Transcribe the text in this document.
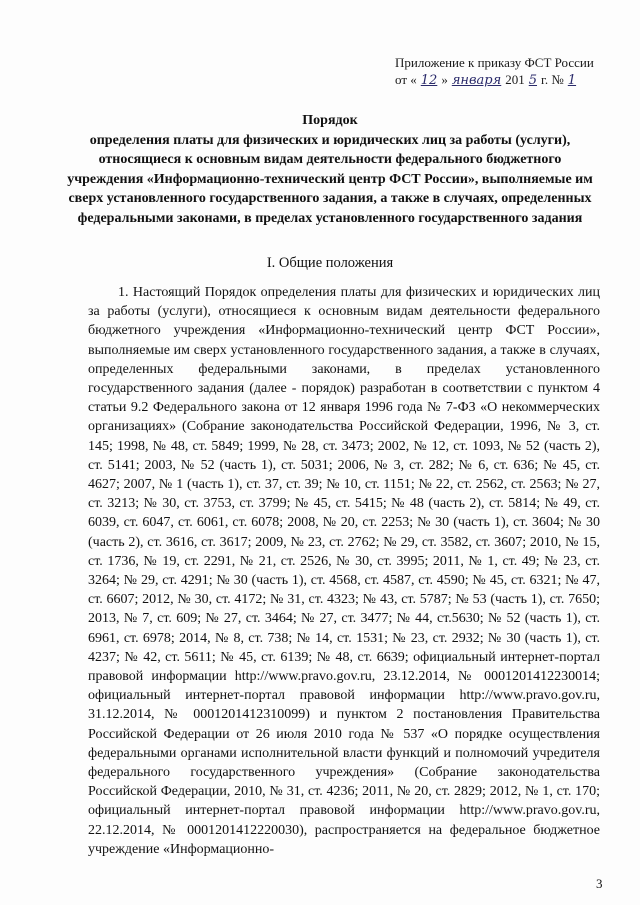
Приложение к приказу ФСТ России
от « 12 » января 201 5 г. № 1
Порядок
определения платы для физических и юридических лиц за работы (услуги), относящиеся к основным видам деятельности федерального бюджетного учреждения «Информационно-технический центр ФСТ России», выполняемые им сверх установленного государственного задания, а также в случаях, определенных федеральными законами, в пределах установленного государственного задания
I. Общие положения

1. Настоящий Порядок определения платы для физических и юридических лиц за работы (услуги), относящиеся к основным видам деятельности федерального бюджетного учреждения «Информационно-технический центр ФСТ России», выполняемые им сверх установленного государственного задания, а также в случаях, определенных федеральными законами, в пределах установленного государственного задания (далее - порядок) разработан в соответствии с пунктом 4 статьи 9.2 Федерального закона от 12 января 1996 года № 7-ФЗ «О некоммерческих организациях» (Собрание законодательства Российской Федерации, 1996, № 3, ст. 145; 1998, № 48, ст. 5849; 1999, № 28, ст. 3473; 2002, № 12, ст. 1093, № 52 (часть 2), ст. 5141; 2003, № 52 (часть 1), ст. 5031; 2006, № 3, ст. 282; № 6, ст. 636; № 45, ст. 4627; 2007, № 1 (часть 1), ст. 37, ст. 39; № 10, ст. 1151; № 22, ст. 2562, ст. 2563; № 27, ст. 3213; № 30, ст. 3753, ст. 3799; № 45, ст. 5415; № 48 (часть 2), ст. 5814; № 49, ст. 6039, ст. 6047, ст. 6061, ст. 6078; 2008, № 20, ст. 2253; № 30 (часть 1), ст. 3604; № 30 (часть 2), ст. 3616, ст. 3617; 2009, № 23, ст. 2762; № 29, ст. 3582, ст. 3607; 2010, № 15, ст. 1736, № 19, ст. 2291, № 21, ст. 2526, № 30, ст. 3995; 2011, № 1, ст. 49; № 23, ст. 3264; № 29, ст. 4291; № 30 (часть 1), ст. 4568, ст. 4587, ст. 4590; № 45, ст. 6321; № 47, ст. 6607; 2012, № 30, ст. 4172; № 31, ст. 4323; № 43, ст. 5787; № 53 (часть 1), ст. 7650; 2013, № 7, ст. 609; № 27, ст. 3464; № 27, ст. 3477; № 44, ст.5630; № 52 (часть 1), ст. 6961, ст. 6978; 2014, № 8, ст. 738; № 14, ст. 1531; № 23, ст. 2932; № 30 (часть 1), ст. 4237; № 42, ст. 5611; № 45, ст. 6139; № 48, ст. 6639; официальный интернет-портал правовой информации http://www.pravo.gov.ru, 23.12.2014, № 0001201412230014; официальный интернет-портал правовой информации http://www.pravo.gov.ru, 31.12.2014, № 0001201412310099) и пунктом 2 постановления Правительства Российской Федерации от 26 июля 2010 года № 537 «О порядке осуществления федеральными органами исполнительной власти функций и полномочий учредителя федерального государственного учреждения» (Собрание законодательства Российской Федерации, 2010, № 31, ст. 4236; 2011, № 20, ст. 2829; 2012, № 1, ст. 170; официальный интернет-портал правовой информации http://www.pravo.gov.ru, 22.12.2014, № 0001201412220030), распространяется на федеральное бюджетное учреждение «Информационно-

3
